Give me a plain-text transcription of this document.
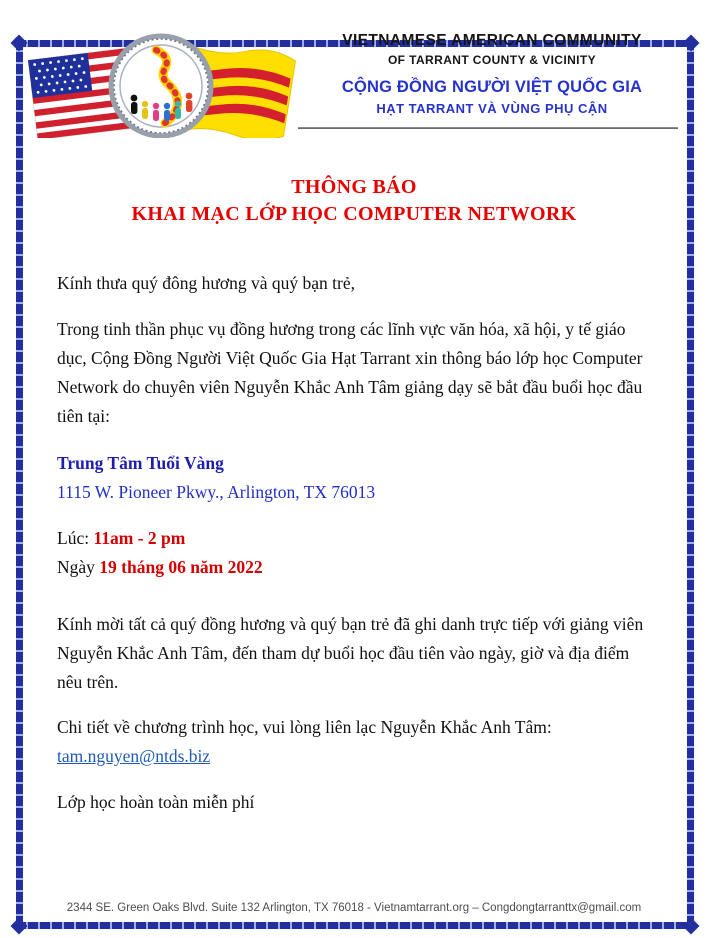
VIETNAMESE AMERICAN COMMUNITY
OF TARRANT COUNTY & VICINITY
CỘNG ĐỒNG NGƯỜI VIỆT QUỐC GIA
HẠT TARRANT VÀ VÙNG PHỤ CẬN
THÔNG BÁO
KHAI MẠC LỚP HỌC COMPUTER NETWORK

Kính thưa quý đông hương và quý bạn trẻ,

Trong tinh thần phục vụ đồng hương trong các lĩnh vực văn hóa, xã hội, y tế giáo dục, Cộng Đồng Người Việt Quốc Gia Hạt Tarrant xin thông báo lớp học Computer Network do chuyên viên Nguyễn Khắc Anh Tâm giảng dạy sẽ bắt đầu buổi học đầu tiên tại:

Trung Tâm Tuổi Vàng
1115 W. Pioneer Pkwy., Arlington, TX 76013

Lúc: 11am - 2 pm
Ngày 19 tháng 06 năm 2022

Kính mời tất cả quý đồng hương và quý bạn trẻ đã ghi danh trực tiếp với giảng viên Nguyễn Khắc Anh Tâm, đến tham dự buổi học đầu tiên vào ngày, giờ và địa điểm nêu trên.

Chi tiết về chương trình học, vui lòng liên lạc Nguyễn Khắc Anh Tâm:
tam.nguyen@ntds.biz

Lớp học hoàn toàn miễn phí

2344 SE. Green Oaks Blvd. Suite 132 Arlington, TX 76018 - Vietnamtarrant.org – Congdongtarranttx@gmail.com
